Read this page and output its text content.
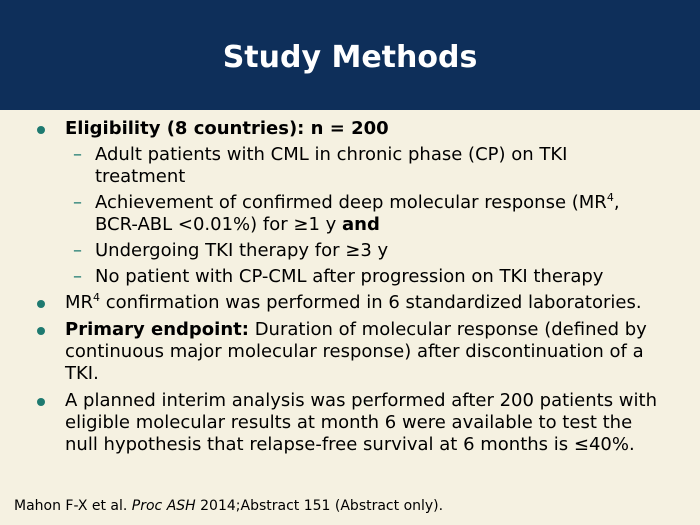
Study Methods
Eligibility (8 countries): n = 200
– Adult patients with CML in chronic phase (CP) on TKI treatment
– Achievement of confirmed deep molecular response ($MR^4$, BCR-ABL <0.01%) for ≥1 y and
– Undergoing TKI therapy for ≥3 y
– No patient with CP-CML after progression on TKI therapy
$MR^4$ confirmation was performed in 6 standardized laboratories.
Primary endpoint: Duration of molecular response (defined by continuous major molecular response) after discontinuation of a TKI.
A planned interim analysis was performed after 200 patients with eligible molecular results at month 6 were available to test the null hypothesis that relapse-free survival at 6 months is ≤40%.
Mahon F-X et al. Proc ASH 2014;Abstract 151 (Abstract only).
